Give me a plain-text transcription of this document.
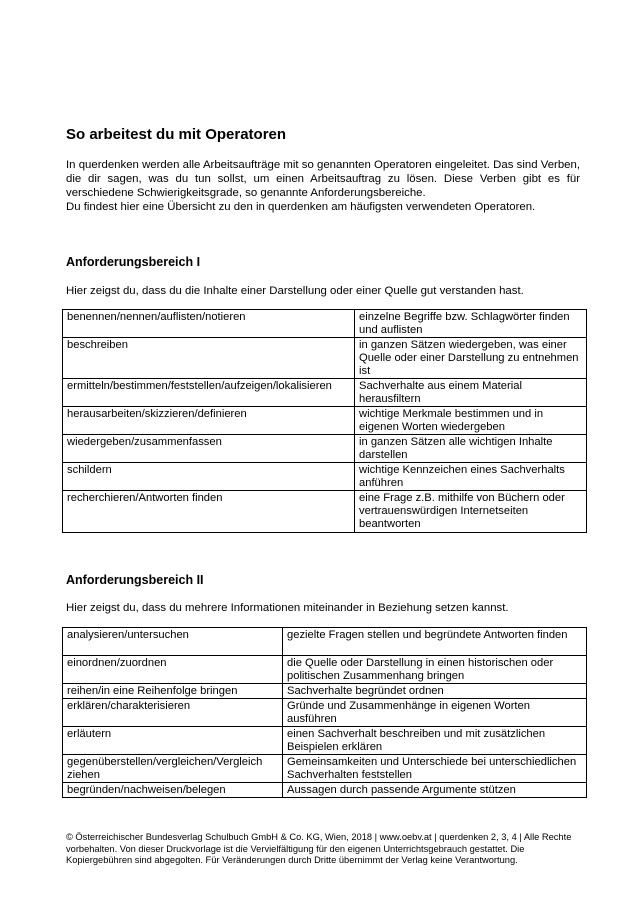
So arbeitest du mit Operatoren

In querdenken werden alle Arbeitsaufträge mit so genannten Operatoren eingeleitet. Das sind Verben, die dir sagen, was du tun sollst, um einen Arbeitsauftrag zu lösen. Diese Verben gibt es für verschiedene Schwierigkeitsgrade, so genannte Anforderungsbereiche.

Du findest hier eine Übersicht zu den in querdenken am häufigsten verwendeten Operatoren.

Anforderungsbereich I

Hier zeigst du, dass du die Inhalte einer Darstellung oder einer Quelle gut verstanden hast.

benennen/nennen/auflisten/notieren	einzelne Begriffe bzw. Schlagwörter finden und auflisten
beschreiben	in ganzen Sätzen wiedergeben, was einer Quelle oder einer Darstellung zu entnehmen ist
ermitteln/bestimmen/feststellen/aufzeigen/lokalisieren	Sachverhalte aus einem Material herausfiltern
herausarbeiten/skizzieren/definieren	wichtige Merkmale bestimmen und in eigenen Worten wiedergeben
wiedergeben/zusammenfassen	in ganzen Sätzen alle wichtigen Inhalte darstellen
schildern	wichtige Kennzeichen eines Sachverhalts anführen
recherchieren/Antworten finden	eine Frage z.B. mithilfe von Büchern oder vertrauenswürdigen Internetseiten beantworten
Anforderungsbereich II

Hier zeigst du, dass du mehrere Informationen miteinander in Beziehung setzen kannst.

analysieren/untersuchen	gezielte Fragen stellen und begründete Antworten finden
einordnen/zuordnen	die Quelle oder Darstellung in einen historischen oder politischen Zusammenhang bringen
reihen/in eine Reihenfolge bringen	Sachverhalte begründet ordnen
erklären/charakterisieren	Gründe und Zusammenhänge in eigenen Worten ausführen
erläutern	einen Sachverhalt beschreiben und mit zusätzlichen Beispielen erklären
gegenüberstellen/vergleichen/Vergleich ziehen	Gemeinsamkeiten und Unterschiede bei unterschiedlichen Sachverhalten feststellen
begründen/nachweisen/belegen	Aussagen durch passende Argumente stützen

© Österreichischer Bundesverlag Schulbuch GmbH & Co. KG, Wien, 2018 | www.oebv.at | querdenken 2, 3, 4 | Alle Rechte vorbehalten. Von dieser Druckvorlage ist die Vervielfältigung für den eigenen Unterrichtsgebrauch gestattet. Die Kopiergebühren sind abgegolten. Für Veränderungen durch Dritte übernimmt der Verlag keine Verantwortung.
